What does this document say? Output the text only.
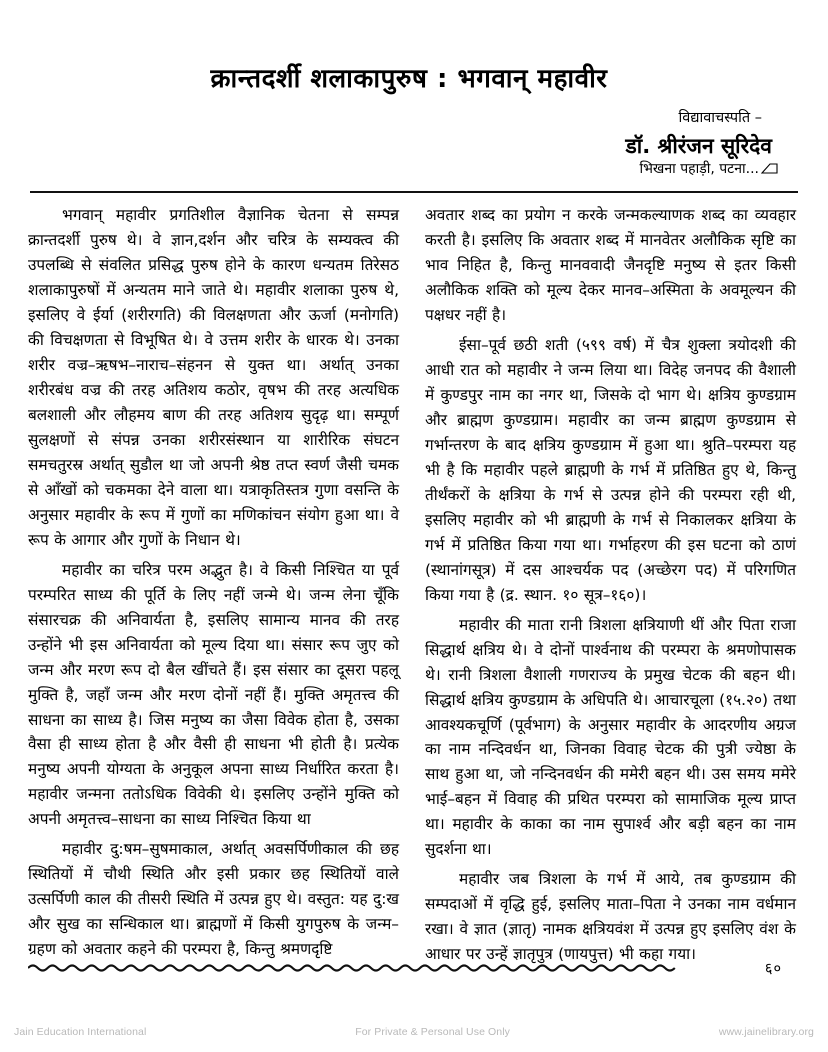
क्रान्तदर्शी शलाकापुरुष : भगवान् महावीर
विद्यावाचस्पति –
डॉ. श्रीरंजन सूरिदेव
भिखना पहाड़ी, पटना...

भगवान् महावीर प्रगतिशील वैज्ञानिक चेतना से सम्पन्न क्रान्तदर्शी पुरुष थे। वे ज्ञान,दर्शन और चरित्र के सम्यक्त्व की उपलब्धि से संवलित प्रसिद्ध पुरुष होने के कारण धन्यतम तिरेसठ शलाकापुरुषों में अन्यतम माने जाते थे। महावीर शलाका पुरुष थे, इसलिए वे ईर्या (शरीरगति) की विलक्षणता और ऊर्जा (मनोगति) की विचक्षणता से विभूषित थे। वे उत्तम शरीर के धारक थे। उनका शरीर वज्र–ऋषभ–नाराच–संहनन से युक्त था। अर्थात् उनका शरीरबंध वज्र की तरह अतिशय कठोर, वृषभ की तरह अत्यधिक बलशाली और लौहमय बाण की तरह अतिशय सुदृढ़ था। सम्पूर्ण सुलक्षणों से संपन्न उनका शरीरसंस्थान या शारीरिक संघटन समचतुरस्र अर्थात् सुडौल था जो अपनी श्रेष्ठ तप्त स्वर्ण जैसी चमक से आँखों को चकमका देने वाला था। यत्राकृतिस्तत्र गुणा वसन्ति के अनुसार महावीर के रूप में गुणों का मणिकांचन संयोग हुआ था। वे रूप के आगार और गुणों के निधान थे।

महावीर का चरित्र परम अद्भुत है। वे किसी निश्चित या पूर्व परम्परित साध्य की पूर्ति के लिए नहीं जन्मे थे। जन्म लेना चूँकि संसारचक्र की अनिवार्यता है, इसलिए सामान्य मानव की तरह उन्होंने भी इस अनिवार्यता को मूल्य दिया था। संसार रूप जुए को जन्म और मरण रूप दो बैल खींचते हैं। इस संसार का दूसरा पहलू मुक्ति है, जहाँ जन्म और मरण दोनों नहीं हैं। मुक्ति अमृतत्त्व की साधना का साध्य है। जिस मनुष्य का जैसा विवेक होता है, उसका वैसा ही साध्य होता है और वैसी ही साधना भी होती है। प्रत्येक मनुष्य अपनी योग्यता के अनुकूल अपना साध्य निर्धारित करता है। महावीर जन्मना ततोऽधिक विवेकी थे। इसलिए उन्होंने मुक्ति को अपनी अमृतत्त्व–साधना का साध्य निश्चित किया था

महावीर दु:षम–सुषमाकाल, अर्थात् अवसर्पिणीकाल की छह स्थितियों में चौथी स्थिति और इसी प्रकार छह स्थितियों वाले उत्सर्पिणी काल की तीसरी स्थिति में उत्पन्न हुए थे। वस्तुत: यह दु:ख और सुख का सन्धिकाल था। ब्राह्मणों में किसी युगपुरुष के जन्म–ग्रहण को अवतार कहने की परम्परा है, किन्तु श्रमणदृष्टि

अवतार शब्द का प्रयोग न करके जन्मकल्याणक शब्द का व्यवहार करती है। इसलिए कि अवतार शब्द में मानवेतर अलौकिक सृष्टि का भाव निहित है, किन्तु मानववादी जैनदृष्टि मनुष्य से इतर किसी अलौकिक शक्ति को मूल्य देकर मानव–अस्मिता के अवमूल्यन की पक्षधर नहीं है।

ईसा–पूर्व छठी शती (५९९ वर्ष) में चैत्र शुक्ला त्रयोदशी की आधी रात को महावीर ने जन्म लिया था। विदेह जनपद की वैशाली में कुण्डपुर नाम का नगर था, जिसके दो भाग थे। क्षत्रिय कुण्डग्राम और ब्राह्मण कुण्डग्राम। महावीर का जन्म ब्राह्मण कुण्डग्राम से गर्भान्तरण के बाद क्षत्रिय कुण्डग्राम में हुआ था। श्रुति–परम्परा यह भी है कि महावीर पहले ब्राह्मणी के गर्भ में प्रतिष्ठित हुए थे, किन्तु तीर्थंकरों के क्षत्रिया के गर्भ से उत्पन्न होने की परम्परा रही थी, इसलिए महावीर को भी ब्राह्मणी के गर्भ से निकालकर क्षत्रिया के गर्भ में प्रतिष्ठित किया गया था। गर्भाहरण की इस घटना को ठाणं (स्थानांगसूत्र) में दस आश्चर्यक पद (अच्छेरग पद) में परिगणित किया गया है (द्र. स्थान. १० सूत्र–१६०)।

महावीर की माता रानी त्रिशला क्षत्रियाणी थीं और पिता राजा सिद्धार्थ क्षत्रिय थे। वे दोनों पार्श्वनाथ की परम्परा के श्रमणोपासक थे। रानी त्रिशला वैशाली गणराज्य के प्रमुख चेटक की बहन थी। सिद्धार्थ क्षत्रिय कुण्डग्राम के अधिपति थे। आचारचूला (१५.२०) तथा आवश्यकचूर्णि (पूर्वभाग) के अनुसार महावीर के आदरणीय अग्रज का नाम नन्दिवर्धन था, जिनका विवाह चेटक की पुत्री ज्येष्ठा के साथ हुआ था, जो नन्दिनवर्धन की ममेरी बहन थी। उस समय ममेरे भाई–बहन में विवाह की प्रथित परम्परा को सामाजिक मूल्य प्राप्त था। महावीर के काका का नाम सुपार्श्व और बड़ी बहन का नाम सुदर्शना था।

महावीर जब त्रिशला के गर्भ में आये, तब कुण्डग्राम की सम्पदाओं में वृद्धि हुई, इसलिए माता–पिता ने उनका नाम वर्धमान रखा। वे ज्ञात (ज्ञातृ) नामक क्षत्रियवंश में उत्पन्न हुए इसलिए वंश के आधार पर उन्हें ज्ञातृपुत्र (णायपुत्त) भी कहा गया।

६०
Jain Education International	For Private & Personal Use Only	www.jainelibrary.org
